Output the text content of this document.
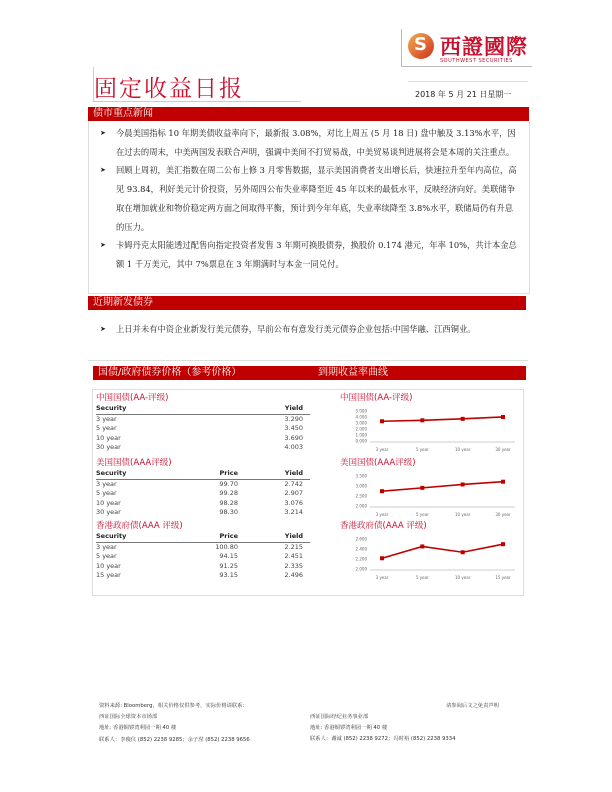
S 西證國際
SOUTHWEST SECURITIES
固定收益日报	2018 年 5 月 21 日星期一
债市重点新闻
➤ 今晨美国指标 10 年期美债收益率向下，最新报 3.08%，对比上周五 (5 月 18 日) 盘中触及 3.13%水平，因在过去的周末，中美两国发表联合声明，强调中美间不打贸易战，中美贸易谈判进展将会是本周的关注重点。
➤ 回顾上周初，美汇指数在周二公布上修 3 月零售数据，显示美国消费者支出增长后，快速拉升至年内高位，高见 93.84，利好美元计价投资，另外周四公布失业率降至近 45 年以来的最低水平，反映经济向好。美联储争取在增加就业和物价稳定两方面之间取得平衡，预计到今年年底，失业率续降至 3.8%水平，联储局仍有升息的压力。
➤ 卡姆丹克太阳能透过配售向指定投资者发售 3 年期可换股债券，换股价 0.174 港元，年率 10%，共计本金总额 1 千万美元，其中 7%票息在 3 年期满时与本金一同兑付。
近期新发债券
➤ 上日并未有中资企业新发行美元债券，早前公布有意发行美元债券企业包括:中国华融、江西铜业。
国债/政府债券价格（参考价格）	到期收益率曲线
中国国债(AA-评级)
Security	Yield
3 year	3.290
5 year	3.450
10 year	3.690
30 year	4.003
美国国债(AAA评级)
Security	Price	Yield
3 year	99.70	2.742
5 year	99.28	2.907
10 year	98.28	3.076
30 year	98.30	3.214
香港政府债(AAA 评级)
Security	Price	Yield
3 year	100.80	2.215
5 year	94.15	2.451
10 year	91.25	2.335
15 year	93.15	2.496
中国国债(AA-评级)
0.000
1.000
2.000
3.000
4.000
5.000
3 year	5 year	10 year	30 year
美国国债(AAA评级)
2.000
2.500
3.000
3.500
3 year	5 year	10 year	30 year
香港政府债(AAA 评级)
2.000
2.200
2.400
2.600
3 year	5 year	10 year	15 year
资料来源: Bloomberg，相关价格仅供参考，实际价格请联系:
西证国际全球资本市场部
地址: 香港铜锣湾利园一期 40 楼
联系人：李俊仪 (852) 2238 9285；余子滢 (852) 2238 9656
西证国际经纪业务事业部
地址: 香港铜锣湾利园一期 40 楼
联系人：谢诚 (852) 2238 9272；冯时裕 (852) 2238 9334
请参阅后文之免责声明
